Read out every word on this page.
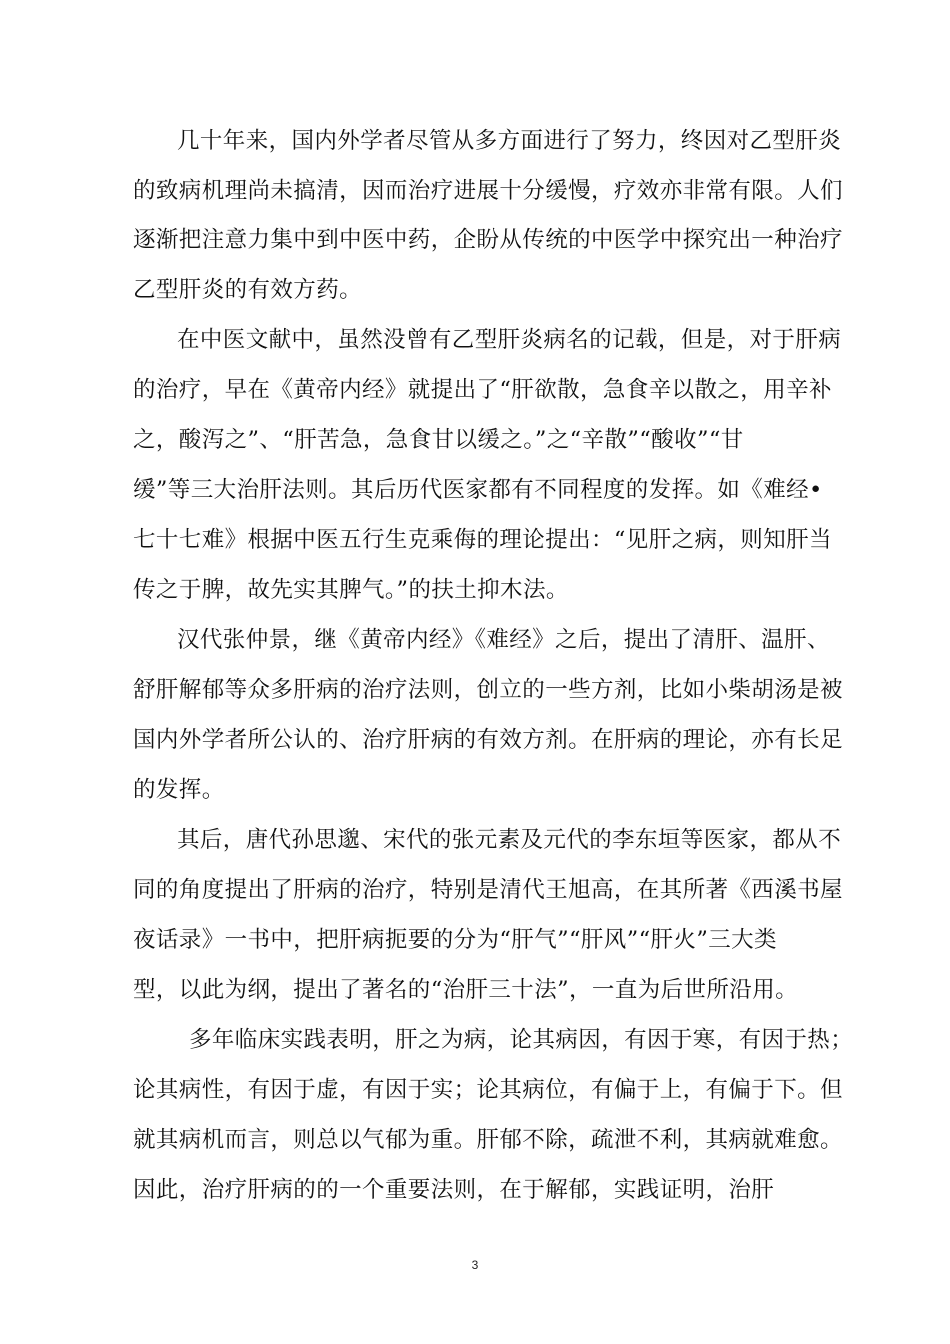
几十年来，国内外学者尽管从多方面进行了努力，终因对乙型肝炎
的致病机理尚未搞清，因而治疗进展十分缓慢，疗效亦非常有限。人们
逐渐把注意力集中到中医中药，企盼从传统的中医学中探究出一种治疗
乙型肝炎的有效方药。
在中医文献中，虽然没曾有乙型肝炎病名的记载，但是，对于肝病
的治疗，早在《黄帝内经》就提出了“肝欲散，急食辛以散之，用辛补
之，酸泻之”、“肝苦急，急食甘以缓之。”之“辛散”“酸收”“甘
缓”等三大治肝法则。其后历代医家都有不同程度的发挥。如《难经•
七十七难》根据中医五行生克乘侮的理论提出：“见肝之病，则知肝当
传之于脾，故先实其脾气。”的扶土抑木法。
汉代张仲景，继《黄帝内经》《难经》之后，提出了清肝、温肝、
舒肝解郁等众多肝病的治疗法则，创立的一些方剂，比如小柴胡汤是被
国内外学者所公认的、治疗肝病的有效方剂。在肝病的理论，亦有长足
的发挥。
其后，唐代孙思邈、宋代的张元素及元代的李东垣等医家，都从不
同的角度提出了肝病的治疗，特别是清代王旭高，在其所著《西溪书屋
夜话录》一书中，把肝病扼要的分为“肝气”“肝风”“肝火”三大类
型，以此为纲，提出了著名的“治肝三十法”，一直为后世所沿用。
多年临床实践表明，肝之为病，论其病因，有因于寒，有因于热；
论其病性，有因于虚，有因于实；论其病位，有偏于上，有偏于下。但
就其病机而言，则总以气郁为重。肝郁不除，疏泄不利，其病就难愈。
因此，治疗肝病的的一个重要法则，在于解郁，实践证明，治肝
3
